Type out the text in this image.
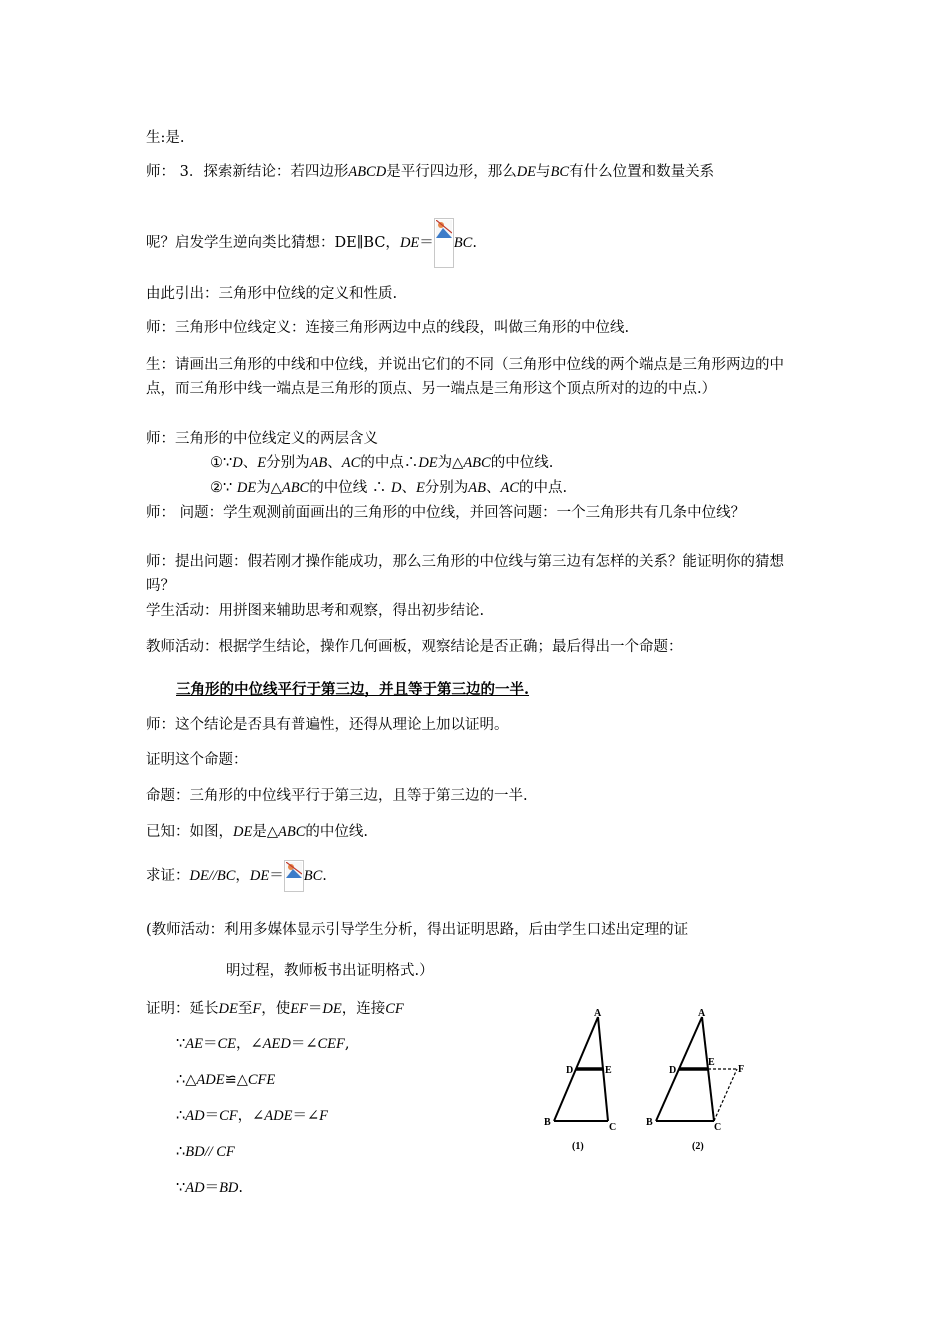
生:是.
师： 3．探索新结论：若四边形ABCD是平行四边形，那么DE与BC有什么位置和数量关系
呢？启发学生逆向类比猜想：DE∥BC，DE＝ BC.
由此引出：三角形中位线的定义和性质.
师：三角形中位线定义：连接三角形两边中点的线段，叫做三角形的中位线.
生：请画出三角形的中线和中位线，并说出它们的不同（三角形中位线的两个端点是三角形两边的中点，而三角形中线一端点是三角形的顶点、另一端点是三角形这个顶点所对的边的中点.）
师：三角形的中位线定义的两层含义
①∵D、E分别为AB、AC的中点∴DE为△ABC的中位线.
②∵ DE为△ABC的中位线 ∴ D、E分别为AB、AC的中点.
师： 问题：学生观测前面画出的三角形的中位线，并回答问题：一个三角形共有几条中位线？
师：提出问题：假若刚才操作能成功，那么三角形的中位线与第三边有怎样的关系？能证明你的猜想吗？
学生活动：用拼图来辅助思考和观察，得出初步结论.
教师活动：根据学生结论，操作几何画板，观察结论是否正确；最后得出一个命题：
三角形的中位线平行于第三边，并且等于第三边的一半.
师：这个结论是否具有普遍性，还得从理论上加以证明。
证明这个命题：
命题：三角形的中位线平行于第三边，且等于第三边的一半.
已知：如图，DE是△ABC的中位线.
求证：DE//BC，DE＝ BC.
(教师活动：利用多媒体显示引导学生分析，得出证明思路，后由学生口述出定理的证
明过程，教师板书出证明格式.）
证明：延长DE至F，使EF＝DE，连接CF
∵AE＝CE，∠AED＝∠CEF,
∴△ADE≌△CFE
∴AD＝CF，∠ADE＝∠F
∴BD// CF
∵AD＝BD.
A
D	E
B	C
(1)
A
D
E
F
B	C
(2)
